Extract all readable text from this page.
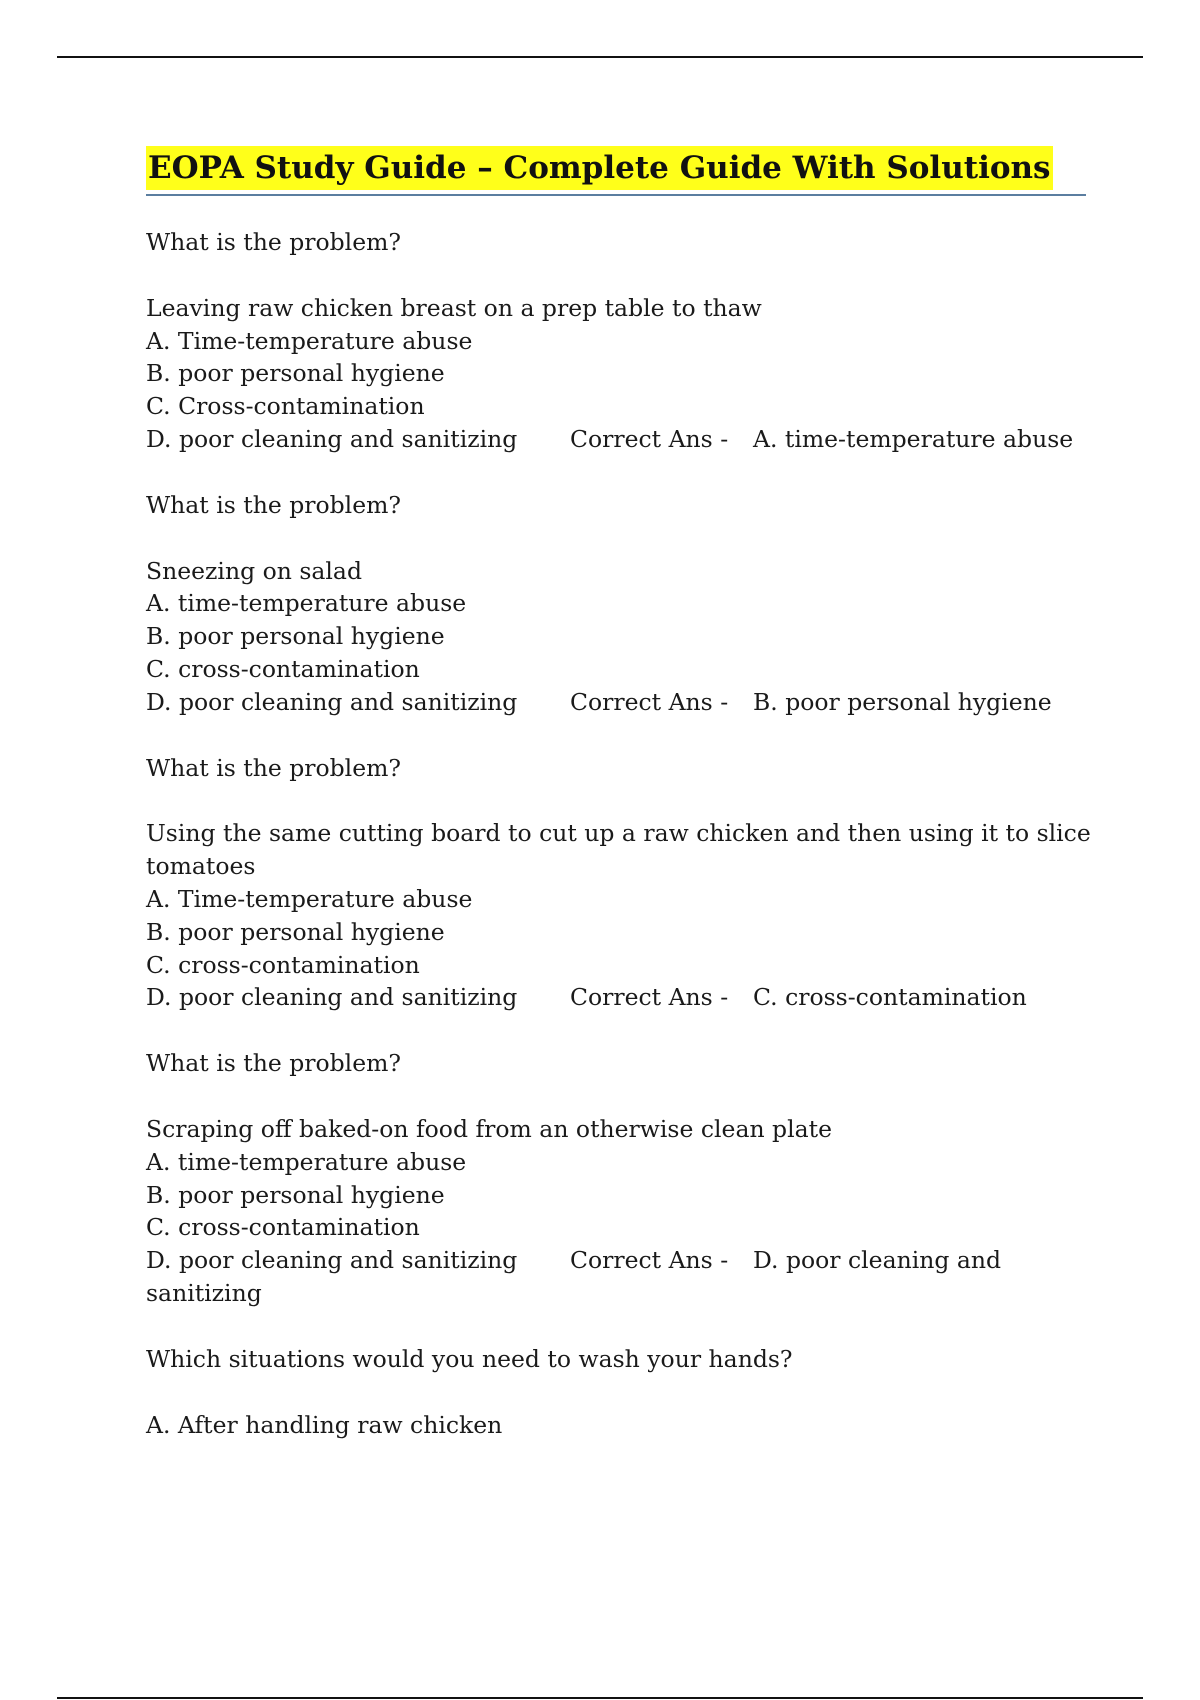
EOPA Study Guide – Complete Guide With Solutions
What is the problem?
Leaving raw chicken breast on a prep table to thaw
A. Time-temperature abuse
B. poor personal hygiene
C. Cross-contamination
D. poor cleaning and sanitizing	Correct Ans -	A. time-temperature abuse
What is the problem?
Sneezing on salad
A. time-temperature abuse
B. poor personal hygiene
C. cross-contamination
D. poor cleaning and sanitizing	Correct Ans -	B. poor personal hygiene
What is the problem?
Using the same cutting board to cut up a raw chicken and then using it to slice
tomatoes
A. Time-temperature abuse
B. poor personal hygiene
C. cross-contamination
D. poor cleaning and sanitizing	Correct Ans -	C. cross-contamination
What is the problem?
Scraping off baked-on food from an otherwise clean plate
A. time-temperature abuse
B. poor personal hygiene
C. cross-contamination
D. poor cleaning and sanitizing	Correct Ans -	D. poor cleaning and
sanitizing
Which situations would you need to wash your hands?
A. After handling raw chicken
